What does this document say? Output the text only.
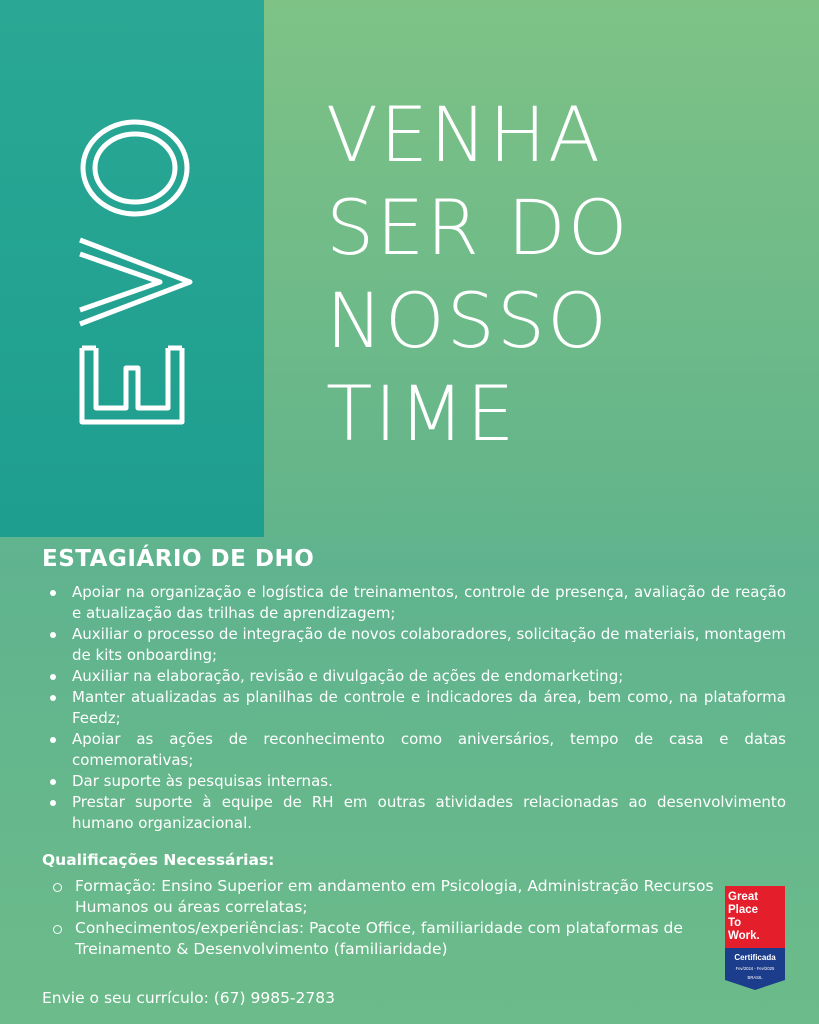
EVO	VENHA
SER DO
NOSSO
TIME
ESTAGIÁRIO DE DHO
Apoiar na organização e logística de treinamentos, controle de presença, avaliação de reação e atualização das trilhas de aprendizagem;
Auxiliar o processo de integração de novos colaboradores, solicitação de materiais, montagem de kits onboarding;
Auxiliar na elaboração, revisão e divulgação de ações de endomarketing;
Manter atualizadas as planilhas de controle e indicadores da área, bem como, na plataforma Feedz;
Apoiar as ações de reconhecimento como aniversários, tempo de casa e datas comemorativas;
Dar suporte às pesquisas internas.
Prestar suporte à equipe de RH em outras atividades relacionadas ao desenvolvimento humano organizacional.
Qualificações Necessárias:
Formação: Ensino Superior em andamento em Psicologia, Administração Recursos Humanos ou áreas correlatas;
Conhecimentos/experiências: Pacote Office, familiaridade com plataformas de Treinamento & Desenvolvimento (familiaridade)
Envie o seu currículo: (67) 9985-2783
Great
Place
To
Work.
Certificada
Fev/2024 - Fev/2025
BRASIL
